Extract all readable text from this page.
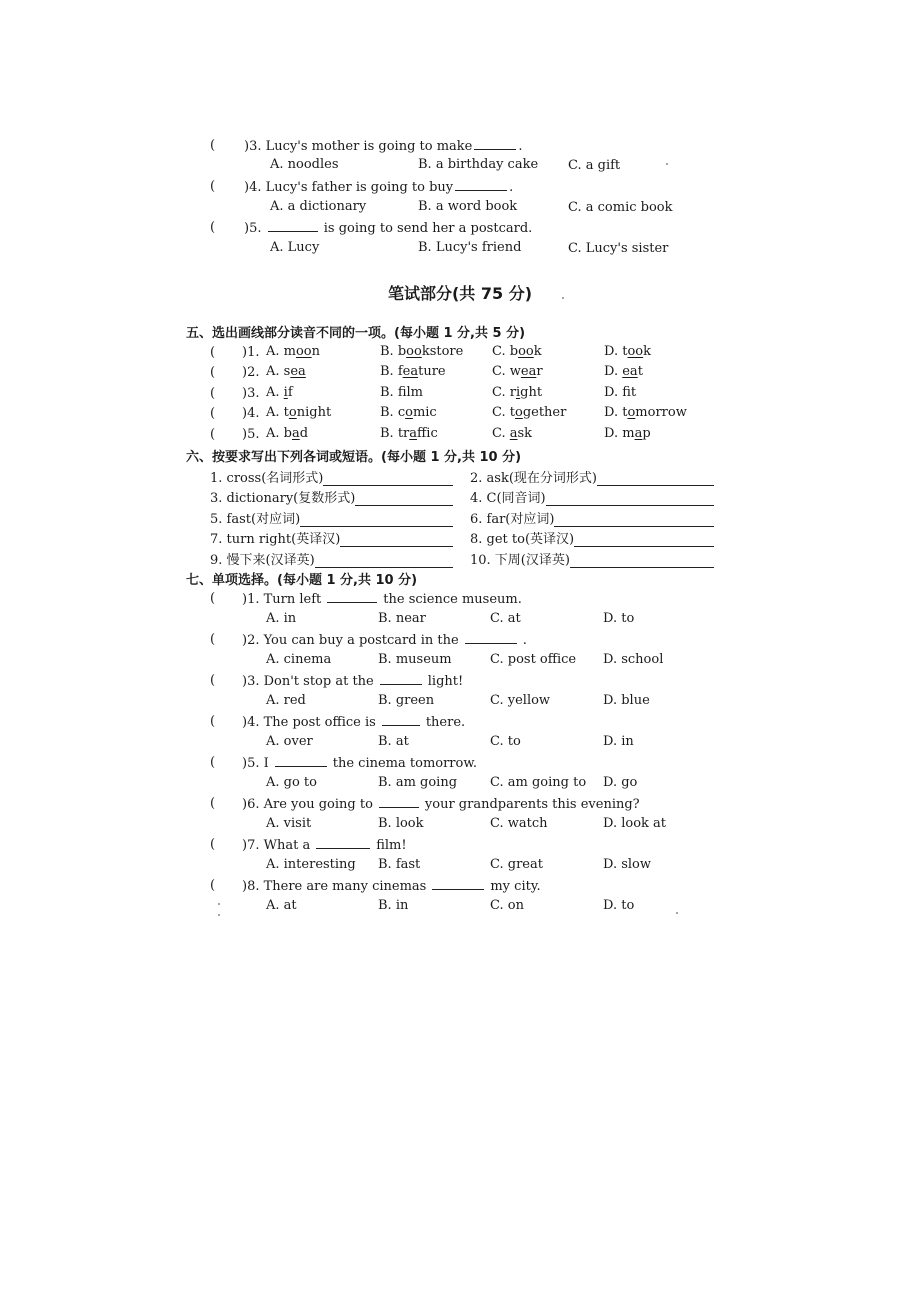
( )3. Lucy's mother is going to make	.
A. noodles	B. a birthday cake C. a gift
( )4. Lucy's father is going to buy	.
A. a dictionary	B. a word book	C. a comic book
( )5.	is going to send her a postcard.
A. Lucy	B. Lucy's friend	C. Lucy's sister
笔试部分(共 75 分)
五、选出画线部分读音不同的一项。(每小题 1 分,共 5 分)
( )1. A. moon	B. bookstore C. book	D. took
( )2. A. sea	B. feature	C. wear	D. eat
( )3. A. if	B. flm	C. right	D. ft
( )4. A. tonight	B. comic	C. together	D. tomorrow
( )5. A. bad	B. traffic	C. ask	D. map
六、按要求写出下列各词或短语。(每小题 1 分,共 10 分)
1. cross(名词形式)	2. ask(现在分词形式)
3. dictionary(复数形式)	4. C(同音词)
5. fast(对应词)	6. far(对应词)
7. turn right(英译汉)	8. get to(英译汉)
9. 慢下来(汉译英)	10. 下周(汉译英)
七、单项选择。(每小题 1 分,共 10 分)
( )1. Turn left	the science museum.
A. in	B. near	C. at	D. to
( )2. You can buy a postcard in the	.
A. cinema	B. museum	C. post office D. school
( )3. Don't stop at the	light!
A. red	B. green	C. yellow	D. blue
( )4. The post office is	there.
A. over	B. at	C. to	D. in
( )5. I	the cinema tomorrow.
A. go to	B. am going	C. am going to D. go
( )6. Are you going to	your grandparents this evening?
A. visit	B. look	C. watch	D. look at
( )7. What a	film!
A. interesting B. fast	C. great	D. slow
( )8. There are many cinemas	my city.
A. at	B. in	C. on	D. to
